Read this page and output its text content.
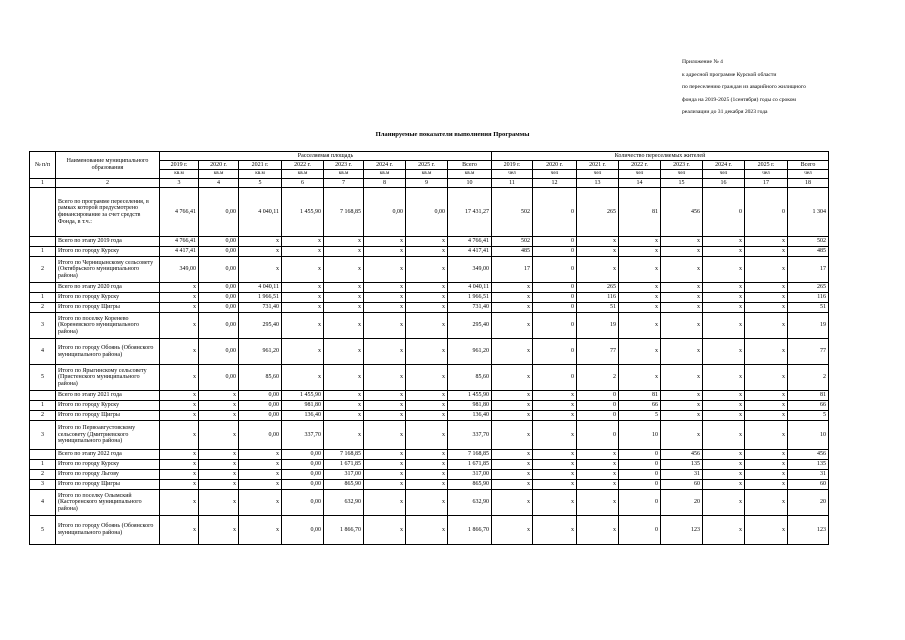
Приложение № 4
к адресной программе Курской области
по переселению граждан из аварийного жилищного
фонда на 2019-2025 (1сентября) годы со сроком
реализации до 31 декабря 2023 года
Планируемые показатели выполнения Программы
№ п/п	Наименование муниципального образования	Расселяемая площадь								Количество переселяемых жителей							
		2019 г.	2020 г.	2021 г.	2022 г.	2023 г.	2024 г.	2025 г.	Всего	2019 г.	2020 г.	2021 г.	2022 г.	2023 г.	2024 г.	2025 г.	Всего
		кв.м	кв.м	кв.м	кв.м	кв.м	кв.м	кв.м	кв.м	чел	чел	чел	чел	чел	чел	чел	чел
1	2	3	4	5	6	7	8	9	10	11	12	13	14	15	16	17	18
	Всего по программе переселения, в рамках которой предусмотрено финансирование за счет средств Фонда, в т.ч.:	4 766,41	0,00	4 040,11	1 455,90	7 168,85	0,00	0,00	17 431,27	502	0	265	81	456	0	0	1 304
	Всего по этапу 2019 года	4 766,41	0,00	x	x	x	x	x	4 766,41	502	0	x	x	x	x	x	502
1	Итого по городу Курску	4 417,41	0,00	x	x	x	x	x	4 417,41	485	0	x	x	x	x	x	485
2	Итого по Черницынскому сельсовету (Октябрьского муниципального района)	349,00	0,00	x	x	x	x	x	349,00	17	0	x	x	x	x	x	17
	Всего по этапу 2020 года	x	0,00	4 040,11	x	x	x	x	4 040,11	x	0	265	x	x	x	x	265
1	Итого по городу Курску	x	0,00	1 966,51	x	x	x	x	1 966,51	x	0	116	x	x	x	x	116
2	Итого по городу Щигры	x	0,00	731,40	x	x	x	x	731,40	x	0	51	x	x	x	x	51
3	Итого по поселку Коренево (Кореневского муниципального района)	x	0,00	295,40	x	x	x	x	295,40	x	0	19	x	x	x	x	19
4	Итого по городу Обоянь (Обоянского муниципального района)	x	0,00	961,20	x	x	x	x	961,20	x	0	77	x	x	x	x	77
5	Итого по Ярыгинскому сельсовету (Пристенского муниципального района)	x	0,00	85,60	x	x	x	x	85,60	x	0	2	x	x	x	x	2
	Всего по этапу 2021 года	x	x	0,00	1 455,90	x	x	x	1 455,90	x	x	0	81	x	x	x	81
1	Итого по городу Курску	x	x	0,00	981,80	x	x	x	981,80	x	x	0	66	x	x	x	66
2	Итого по городу Щигры	x	x	0,00	136,40	x	x	x	136,40	x	x	0	5	x	x	x	5
3	Итого по Первоавгустовскому сельсовету (Дмитриевского муниципального района)	x	x	0,00	337,70	x	x	x	337,70	x	x	0	10	x	x	x	10
	Всего по этапу 2022 года	x	x	x	0,00	7 168,85	x	x	7 168,85	x	x	x	0	456	x	x	456
1	Итого по городу Курску	x	x	x	0,00	1 671,85	x	x	1 671,85	x	x	x	0	135	x	x	135
2	Итого по городу Льгову	x	x	x	0,00	317,00	x	x	317,00	x	x	x	0	31	x	x	31
3	Итого по городу Щигры	x	x	x	0,00	865,90	x	x	865,90	x	x	x	0	60	x	x	60
4	Итого по поселку Олымский (Касторенского муниципального района)	x	x	x	0,00	632,90	x	x	632,90	x	x	x	0	20	x	x	20
5	Итого по городу Обоянь (Обоянского муниципального района)	x	x	x	0,00	1 866,70	x	x	1 866,70	x	x	x	0	123	x	x	123
